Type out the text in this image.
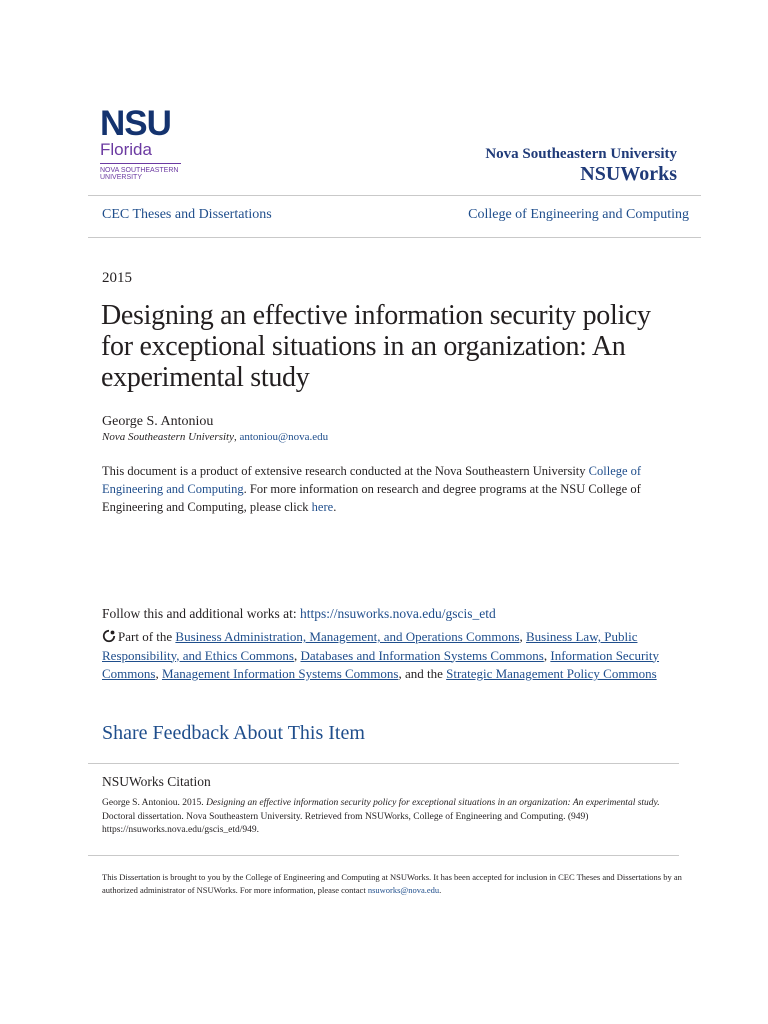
NSU
Florida
NOVA SOUTHEASTERN
UNIVERSITY
Nova Southeastern University
NSUWorks
CEC Theses and Dissertations	College of Engineering and Computing
2015
Designing an effective information security policy for exceptional situations in an organization: An experimental study
George S. Antoniou
Nova Southeastern University, antoniou@nova.edu
This document is a product of extensive research conducted at the Nova Southeastern University College of Engineering and Computing. For more information on research and degree programs at the NSU College of Engineering and Computing, please click here.
Follow this and additional works at: https://nsuworks.nova.edu/gscis_etd
Part of the Business Administration, Management, and Operations Commons, Business Law, Public Responsibility, and Ethics Commons, Databases and Information Systems Commons, Information Security Commons, Management Information Systems Commons, and the Strategic Management Policy Commons
Share Feedback About This Item
NSUWorks Citation
George S. Antoniou. 2015. Designing an effective information security policy for exceptional situations in an organization: An experimental study. Doctoral dissertation. Nova Southeastern University. Retrieved from NSUWorks, College of Engineering and Computing. (949) https://nsuworks.nova.edu/gscis_etd/949.
This Dissertation is brought to you by the College of Engineering and Computing at NSUWorks. It has been accepted for inclusion in CEC Theses and Dissertations by an authorized administrator of NSUWorks. For more information, please contact nsuworks@nova.edu.
